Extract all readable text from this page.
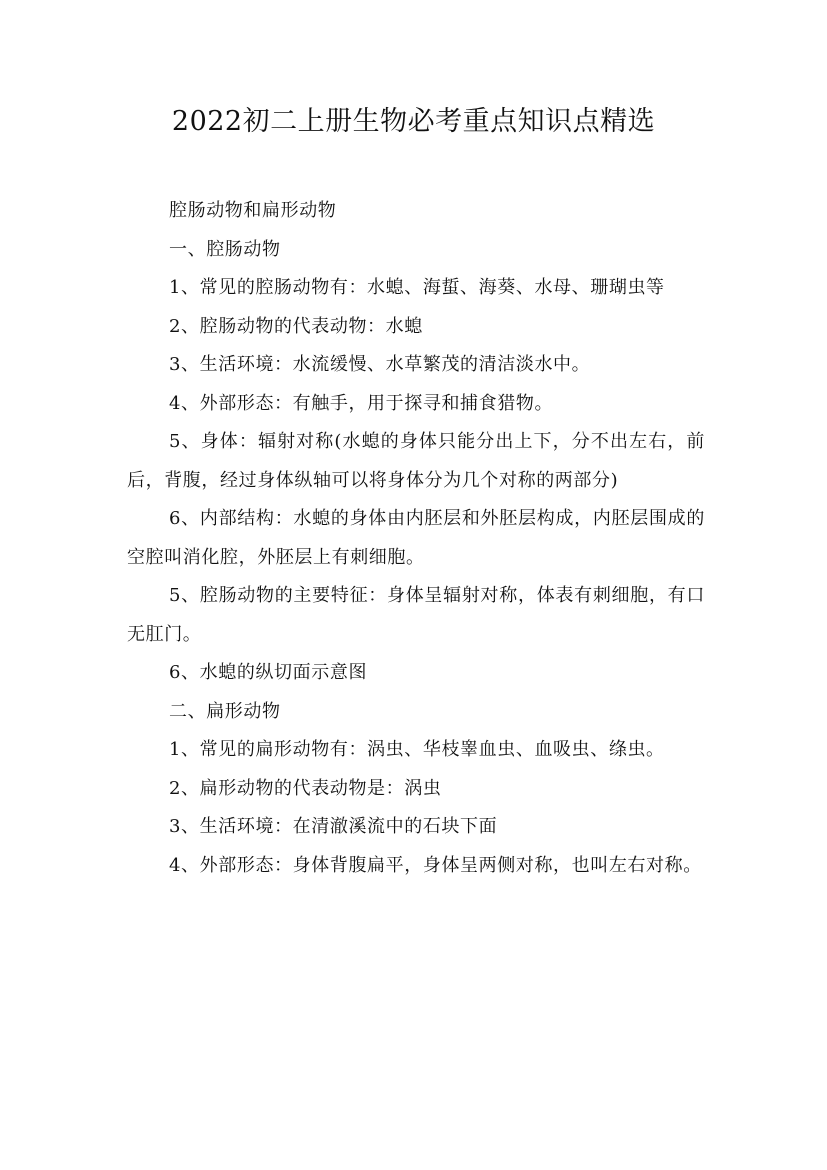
2022初二上册生物必考重点知识点精选

腔肠动物和扁形动物

一、腔肠动物

1、常见的腔肠动物有：水螅、海蜇、海葵、水母、珊瑚虫等

2、腔肠动物的代表动物：水螅

3、生活环境：水流缓慢、水草繁茂的清洁淡水中。

4、外部形态：有触手，用于探寻和捕食猎物。

5、身体：辐射对称(水螅的身体只能分出上下，分不出左右，前后，背腹，经过身体纵轴可以将身体分为几个对称的两部分)

6、内部结构：水螅的身体由内胚层和外胚层构成，内胚层围成的空腔叫消化腔，外胚层上有刺细胞。

5、腔肠动物的主要特征：身体呈辐射对称，体表有刺细胞，有口无肛门。

6、水螅的纵切面示意图

二、扁形动物

1、常见的扁形动物有：涡虫、华枝睾血虫、血吸虫、绦虫。

2、扁形动物的代表动物是：涡虫

3、生活环境：在清澈溪流中的石块下面

4、外部形态：身体背腹扁平，身体呈两侧对称，也叫左右对称。
